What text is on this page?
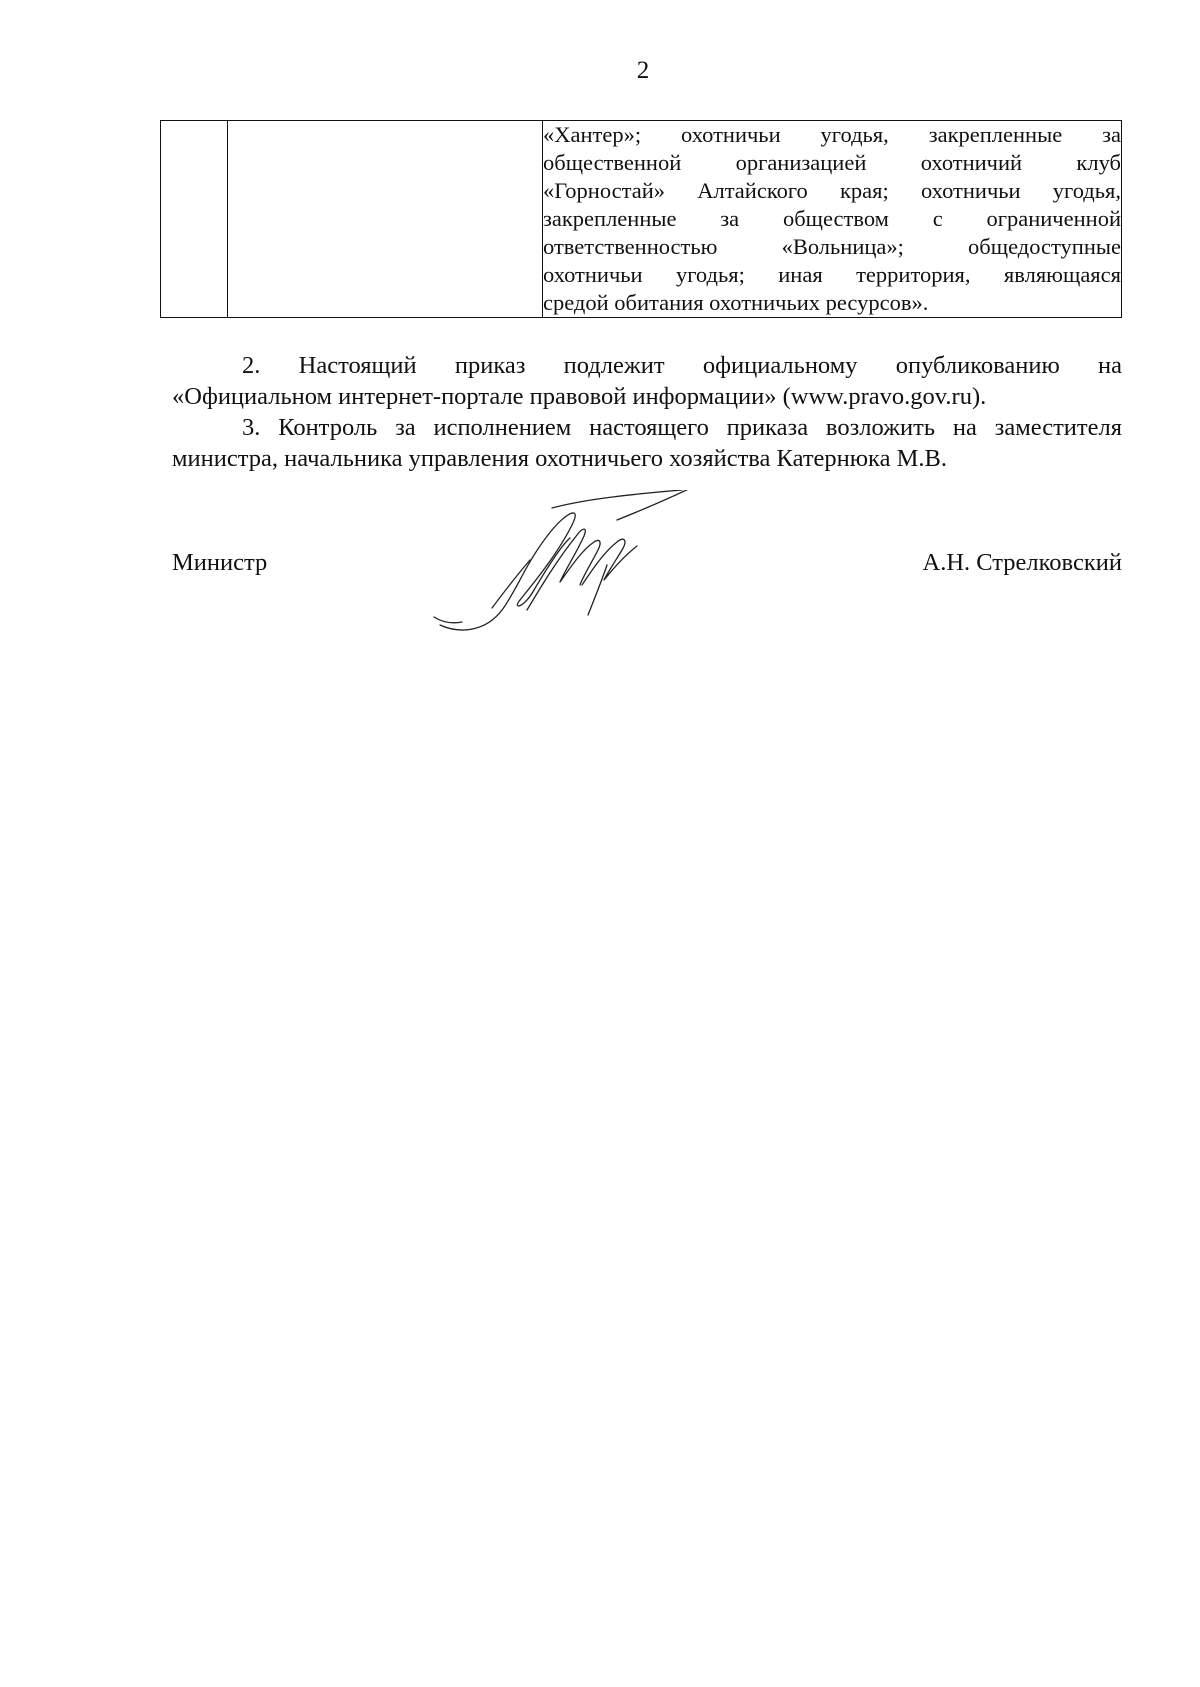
2

«Хантер»; охотничьи угодья, закрепленные за
общественной организацией охотничий клуб
«Горностай» Алтайского края; охотничьи угодья,
закрепленные за обществом с ограниченной
ответственностью «Вольница»; общедоступные
охотничьи угодья; иная территория, являющаяся
средой обитания охотничьих ресурсов».
2. Настоящий приказ подлежит официальному опубликованию на
«Официальном интернет-портале правовой информации» (www.pravo.gov.ru).
3. Контроль за исполнением настоящего приказа возложить на заместителя
министра, начальника управления охотничьего хозяйства Катернюка М.В.
Министр	А.Н. Стрелковский
